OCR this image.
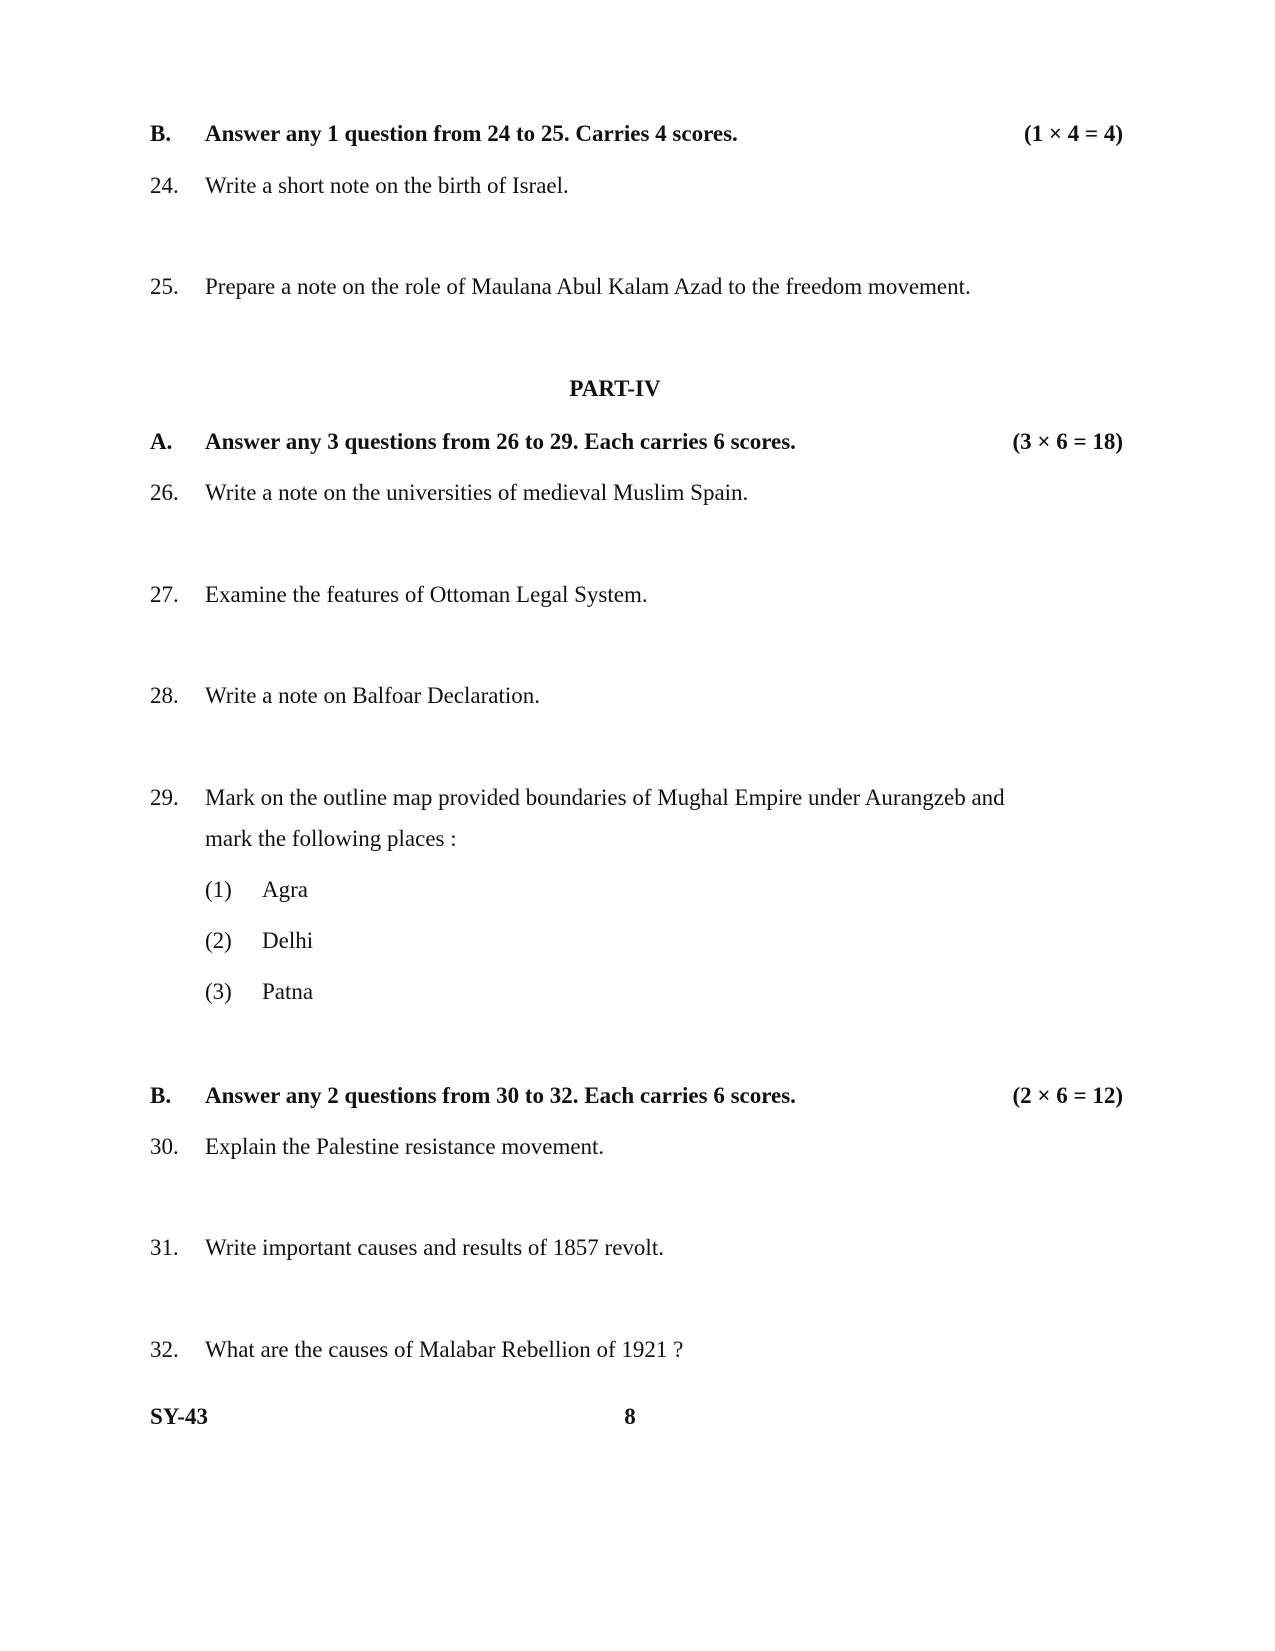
B. Answer any 1 question from 24 to 25. Carries 4 scores.	(1 × 4 = 4)
24. Write a short note on the birth of Israel.
25. Prepare a note on the role of Maulana Abul Kalam Azad to the freedom movement.
PART-IV
A. Answer any 3 questions from 26 to 29. Each carries 6 scores.	(3 × 6 = 18)
26. Write a note on the universities of medieval Muslim Spain.
27. Examine the features of Ottoman Legal System.
28. Write a note on Balfoar Declaration.
29. Mark on the outline map provided boundaries of Mughal Empire under Aurangzeb and
mark the following places :
(1) Agra
(2) Delhi
(3) Patna
B. Answer any 2 questions from 30 to 32. Each carries 6 scores.	(2 × 6 = 12)
30. Explain the Palestine resistance movement.
31. Write important causes and results of 1857 revolt.
32. What are the causes of Malabar Rebellion of 1921 ?
SY-43	8
